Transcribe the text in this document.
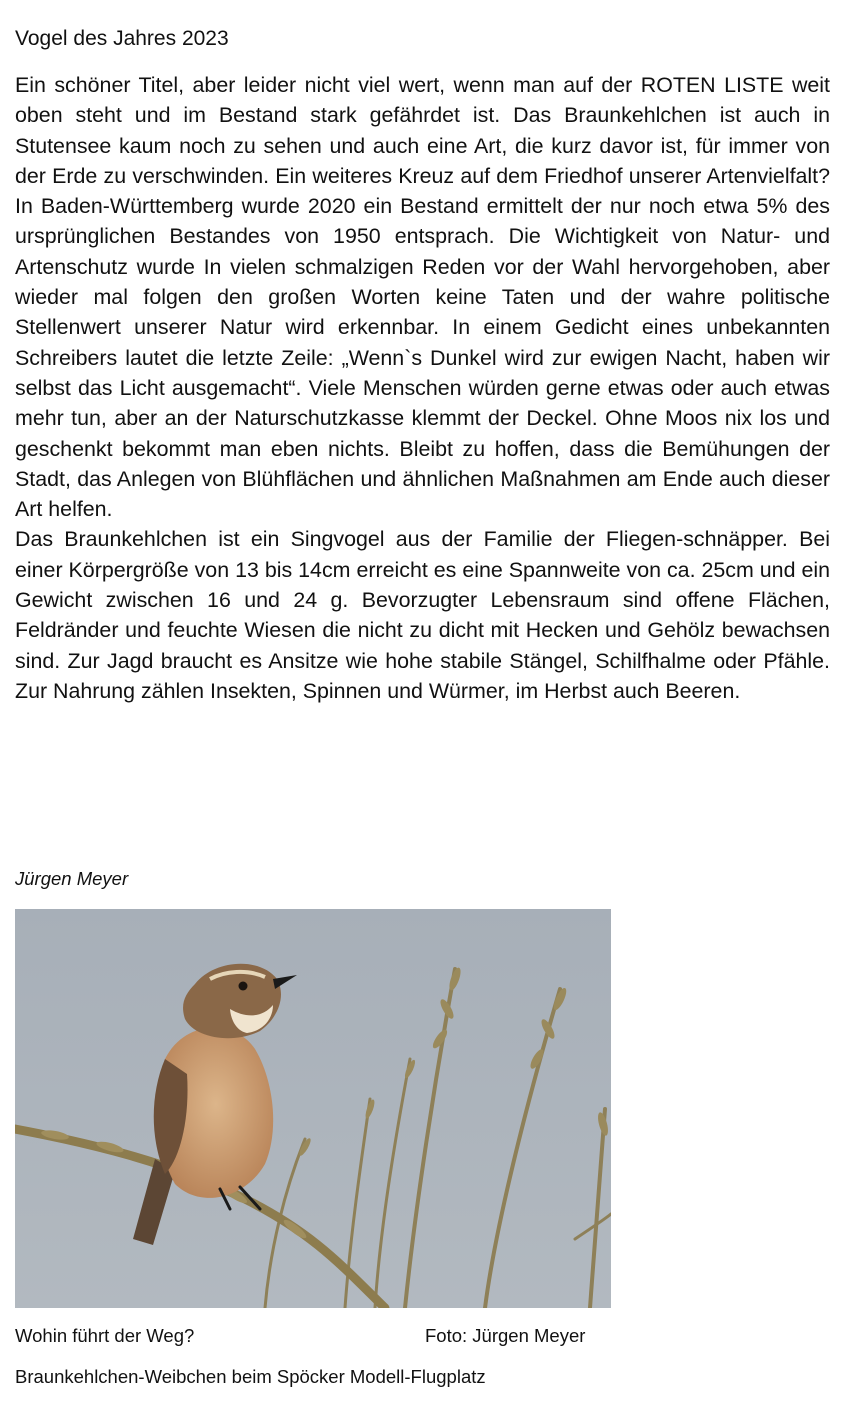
Vogel des Jahres 2023

Ein schöner Titel, aber leider nicht viel wert, wenn man auf der ROTEN LISTE weit oben steht und im Bestand stark gefährdet ist. Das Braunkehlchen ist auch in Stutensee kaum noch zu sehen und auch eine Art, die kurz davor ist, für immer von der Erde zu verschwinden. Ein weiteres Kreuz auf dem Friedhof unserer Artenvielfalt? In Baden-Württemberg wurde 2020 ein Bestand ermittelt der nur noch etwa 5% des ursprünglichen Bestandes von 1950 entsprach. Die Wichtigkeit von Natur- und Artenschutz wurde In vielen schmalzigen Reden vor der Wahl hervorgehoben, aber wieder mal folgen den großen Worten keine Taten und der wahre politische Stellenwert unserer Natur wird erkennbar. In einem Gedicht eines unbekannten Schreibers lautet die letzte Zeile: „Wenn`s Dunkel wird zur ewigen Nacht, haben wir selbst das Licht ausgemacht“. Viele Menschen würden gerne etwas oder auch etwas mehr tun, aber an der Naturschutzkasse klemmt der Deckel. Ohne Moos nix los und geschenkt bekommt man eben nichts. Bleibt zu hoffen, dass die Bemühungen der Stadt, das Anlegen von Blühflächen und ähnlichen Maßnahmen am Ende auch dieser Art helfen.

Das Braunkehlchen ist ein Singvogel aus der Familie der Fliegen-schnäpper. Bei einer Körpergröße von 13 bis 14cm erreicht es eine Spannweite von ca. 25cm und ein Gewicht zwischen 16 und 24 g. Bevorzugter Lebensraum sind offene Flächen, Feldränder und feuchte Wiesen die nicht zu dicht mit Hecken und Gehölz bewachsen sind. Zur Jagd braucht es Ansitze wie hohe stabile Stängel, Schilfhalme oder Pfähle. Zur Nahrung zählen Insekten, Spinnen und Würmer, im Herbst auch Beeren.

Jürgen Meyer
Wohin führt der Weg?	Foto: Jürgen Meyer
Braunkehlchen-Weibchen beim Spöcker Modell-Flugplatz
